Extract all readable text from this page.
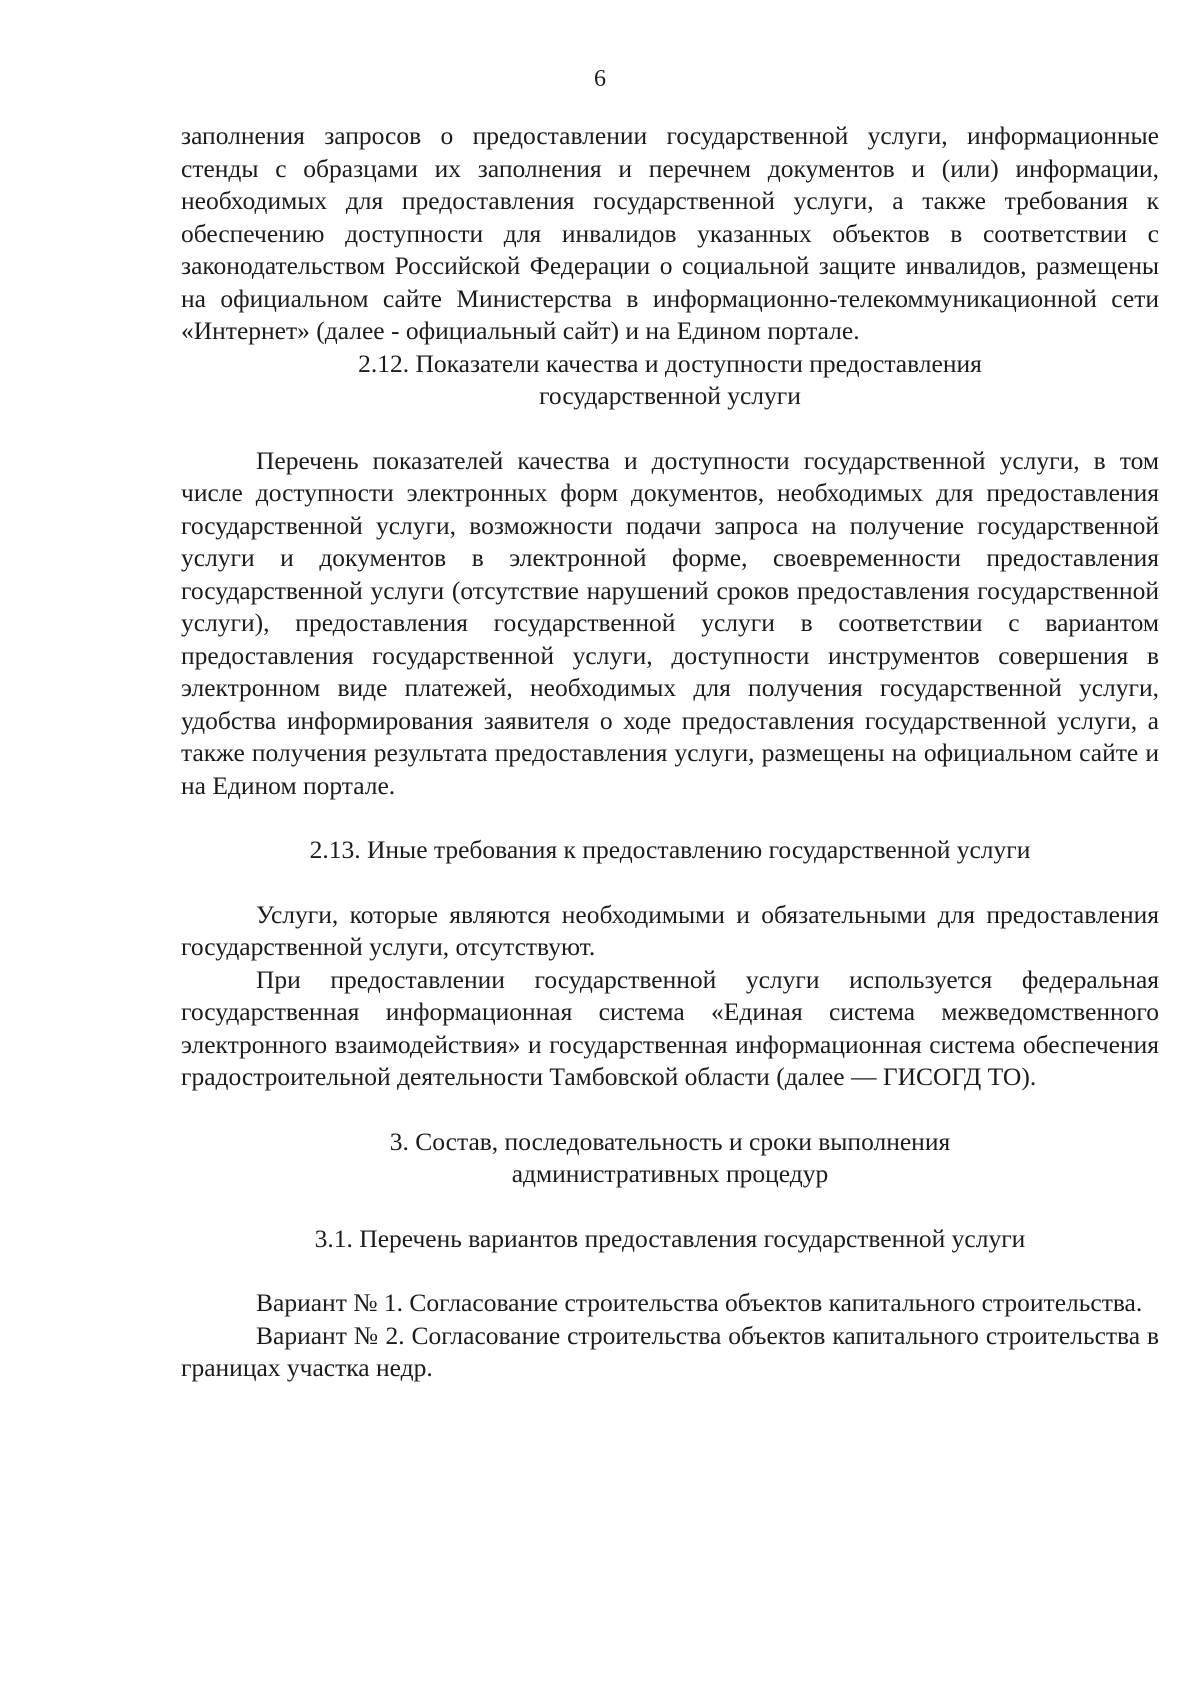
6

заполнения запросов о предоставлении государственной услуги, информационные стенды с образцами их заполнения и перечнем документов и (или) информации, необходимых для предоставления государственной услуги, а также требования к обеспечению доступности для инвалидов указанных объектов в соответствии с законодательством Российской Федерации о социальной защите инвалидов, размещены на официальном сайте Министерства в информационно-телекоммуникационной сети «Интернет» (далее - официальный сайт) и на Едином портале.

2.12. Показатели качества и доступности предоставления
государственной услуги

Перечень показателей качества и доступности государственной услуги, в том числе доступности электронных форм документов, необходимых для предоставления государственной услуги, возможности подачи запроса на получение государственной услуги и документов в электронной форме, своевременности предоставления государственной услуги (отсутствие нарушений сроков предоставления государственной услуги), предоставления государственной услуги в соответствии с вариантом предоставления государственной услуги, доступности инструментов совершения в электронном виде платежей, необходимых для получения государственной услуги, удобства информирования заявителя о ходе предоставления государственной услуги, а также получения результата предоставления услуги, размещены на официальном сайте и на Едином портале.

2.13. Иные требования к предоставлению государственной услуги

Услуги, которые являются необходимыми и обязательными для предоставления государственной услуги, отсутствуют.

При предоставлении государственной услуги используется федеральная государственная информационная система «Единая система межведомственного электронного взаимодействия» и государственная информационная система обеспечения градостроительной деятельности Тамбовской области (далее — ГИСОГД ТО).

3. Состав, последовательность и сроки выполнения
административных процедур

3.1. Перечень вариантов предоставления государственной услуги

Вариант № 1. Согласование строительства объектов капитального строительства.

Вариант № 2. Согласование строительства объектов капитального строительства в границах участка недр.
